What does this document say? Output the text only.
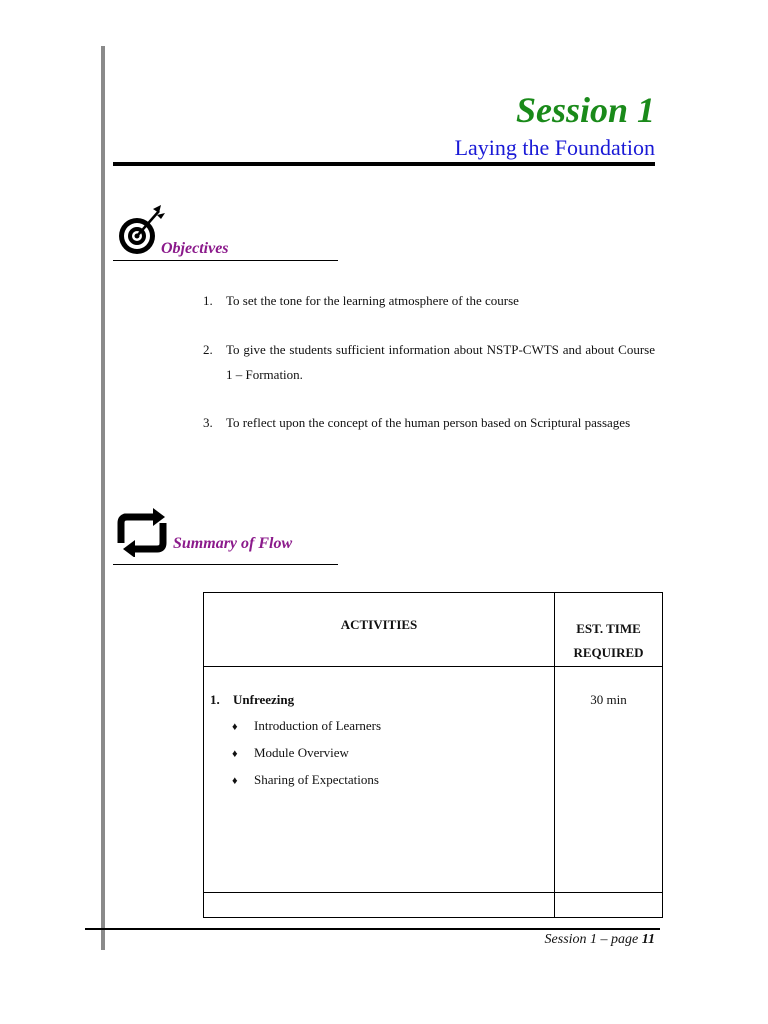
Session 1
Laying the Foundation
Objectives
1. To set the tone for the learning atmosphere of the course
2. To give the students sufficient information about NSTP-CWTS and about Course 1 – Formation.
3. To reflect upon the concept of the human person based on Scriptural passages
Summary of Flow
ACTIVITIES	EST. TIME REQUIRED
1. Unfreezing
♦ Introduction of Learners
♦ Module Overview
♦ Sharing of Expectations
30 min
Session 1 – page 11
